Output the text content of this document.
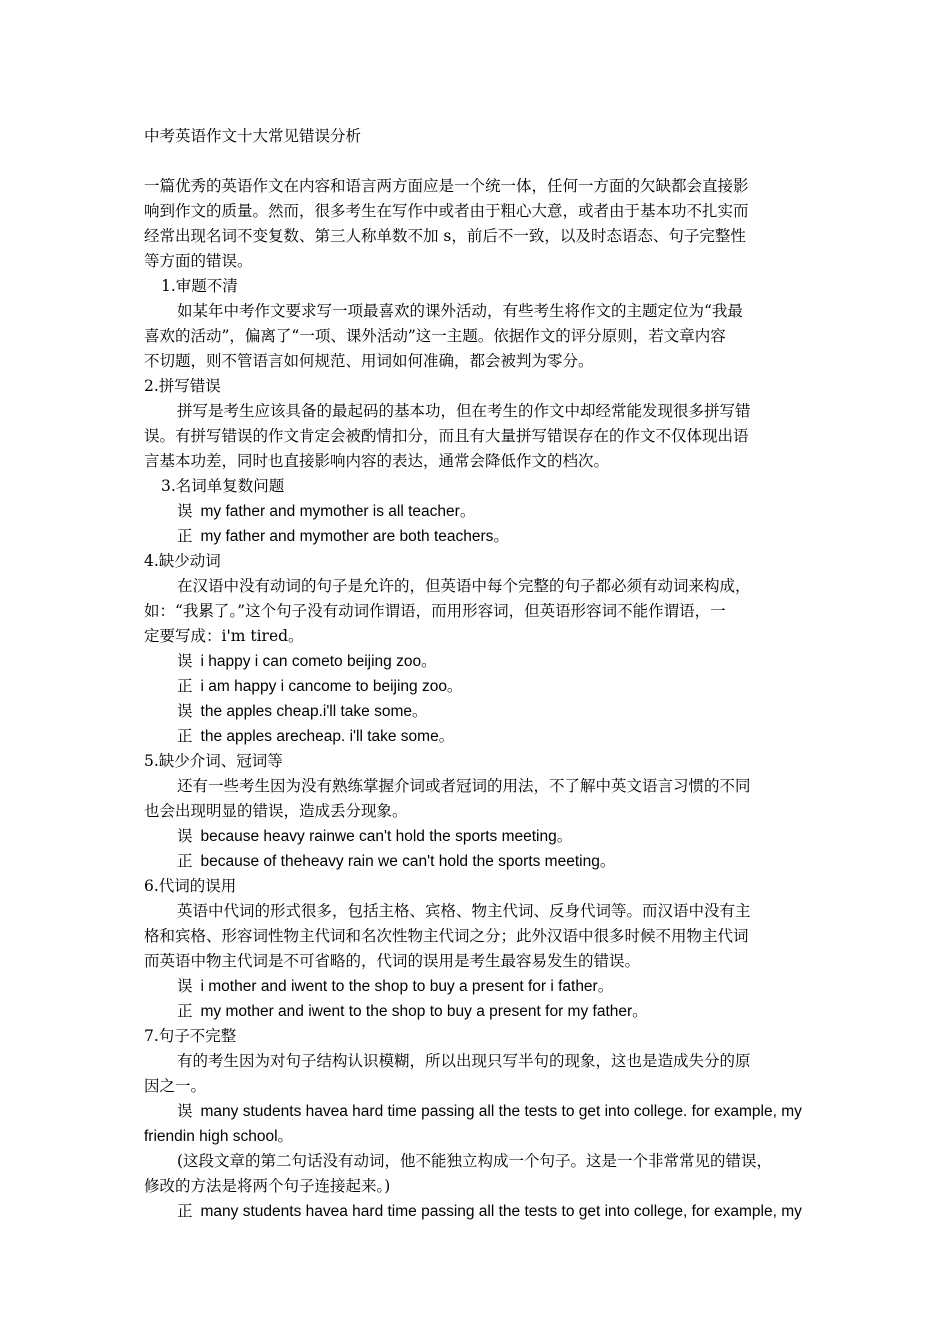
中考英语作文十大常见错误分析
一篇优秀的英语作文在内容和语言两方面应是一个统一体，任何一方面的欠缺都会直接影
响到作文的质量。然而，很多考生在写作中或者由于粗心大意，或者由于基本功不扎实而
经常出现名词不变复数、第三人称单数不加 s，前后不一致，以及时态语态、句子完整性
等方面的错误。
1.审题不清
如某年中考作文要求写一项最喜欢的课外活动，有些考生将作文的主题定位为“我最
喜欢的活动”，偏离了“一项、课外活动”这一主题。依据作文的评分原则，若文章内容
不切题，则不管语言如何规范、用词如何准确，都会被判为零分。
2.拼写错误
拼写是考生应该具备的最起码的基本功，但在考生的作文中却经常能发现很多拼写错
误。有拼写错误的作文肯定会被酌情扣分，而且有大量拼写错误存在的作文不仅体现出语
言基本功差，同时也直接影响内容的表达，通常会降低作文的档次。
3.名词单复数问题
误 my father and mymother is all teacher。
正 my father and mymother are both teachers。
4.缺少动词
在汉语中没有动词的句子是允许的，但英语中每个完整的句子都必须有动词来构成，
如：“我累了。”这个句子没有动词作谓语，而用形容词，但英语形容词不能作谓语，一
定要写成：i'm tired。
误 i happy i can cometo beijing zoo。
正 i am happy i cancome to beijing zoo。
误 the apples cheap.i'll take some。
正 the apples arecheap. i'll take some。
5.缺少介词、冠词等
还有一些考生因为没有熟练掌握介词或者冠词的用法，不了解中英文语言习惯的不同
也会出现明显的错误，造成丢分现象。
误 because heavy rainwe can't hold the sports meeting。
正 because of theheavy rain we can't hold the sports meeting。
6.代词的误用
英语中代词的形式很多，包括主格、宾格、物主代词、反身代词等。而汉语中没有主
格和宾格、形容词性物主代词和名次性物主代词之分；此外汉语中很多时候不用物主代词
而英语中物主代词是不可省略的，代词的误用是考生最容易发生的错误。
误 i mother and iwent to the shop to buy a present for i father。
正 my mother and iwent to the shop to buy a present for my father。
7.句子不完整
有的考生因为对句子结构认识模糊，所以出现只写半句的现象，这也是造成失分的原
因之一。
误 many students havea hard time passing all the tests to get into college. for example, my
friendin high school。
(这段文章的第二句话没有动词，他不能独立构成一个句子。这是一个非常常见的错误，
修改的方法是将两个句子连接起来。)
正 many students havea hard time passing all the tests to get into college, for example, my
